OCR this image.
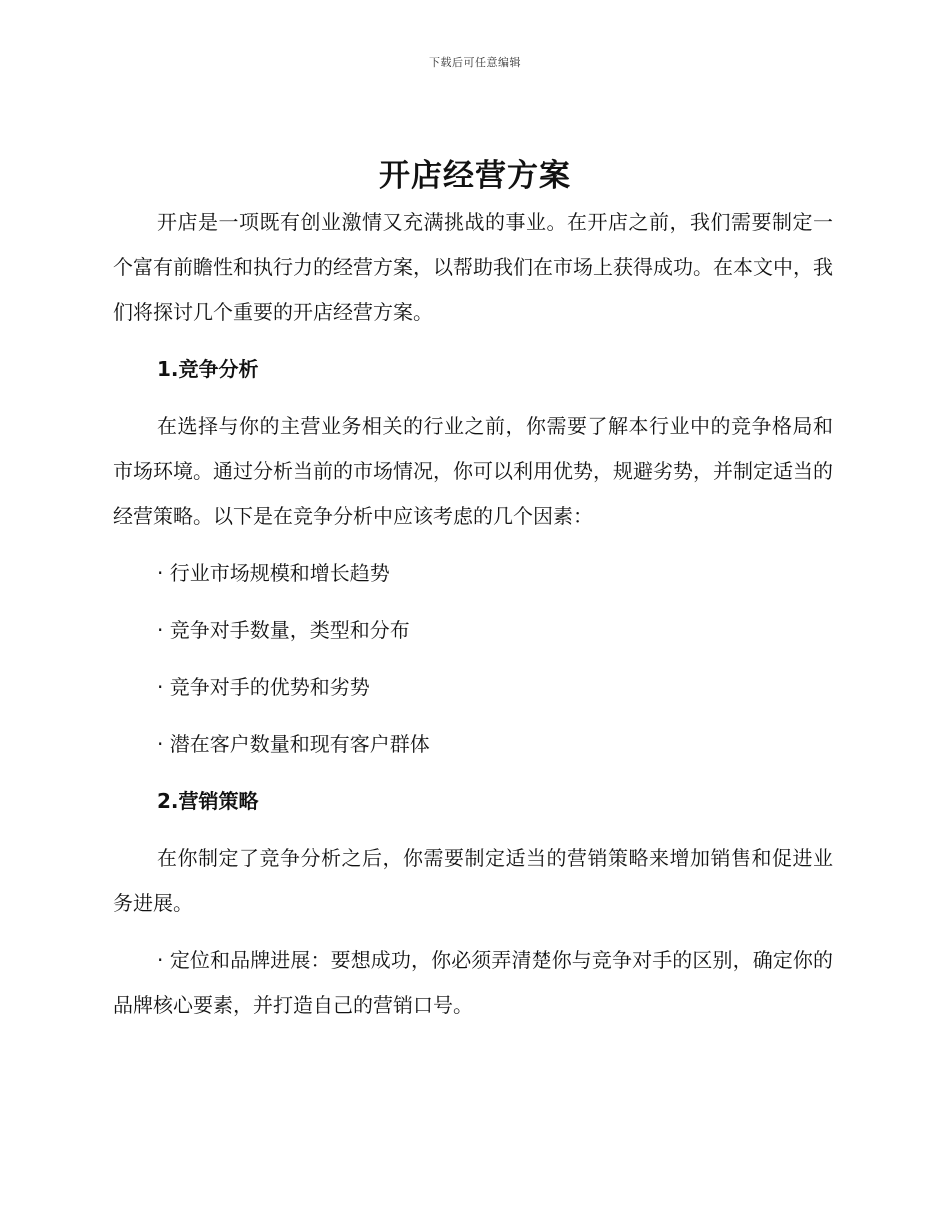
下载后可任意编辑
开店经营方案

开店是一项既有创业激情又充满挑战的事业。在开店之前，我们需要制定一个富有前瞻性和执行力的经营方案，以帮助我们在市场上获得成功。在本文中，我们将探讨几个重要的开店经营方案。

1.竞争分析

在选择与你的主营业务相关的行业之前，你需要了解本行业中的竞争格局和市场环境。通过分析当前的市场情况，你可以利用优势，规避劣势，并制定适当的经营策略。以下是在竞争分析中应该考虑的几个因素：

· 行业市场规模和增长趋势
· 竞争对手数量，类型和分布
· 竞争对手的优势和劣势
· 潜在客户数量和现有客户群体
2.营销策略

在你制定了竞争分析之后，你需要制定适当的营销策略来增加销售和促进业务进展。

· 定位和品牌进展：要想成功，你必须弄清楚你与竞争对手的区别，确定你的品牌核心要素，并打造自己的营销口号。
